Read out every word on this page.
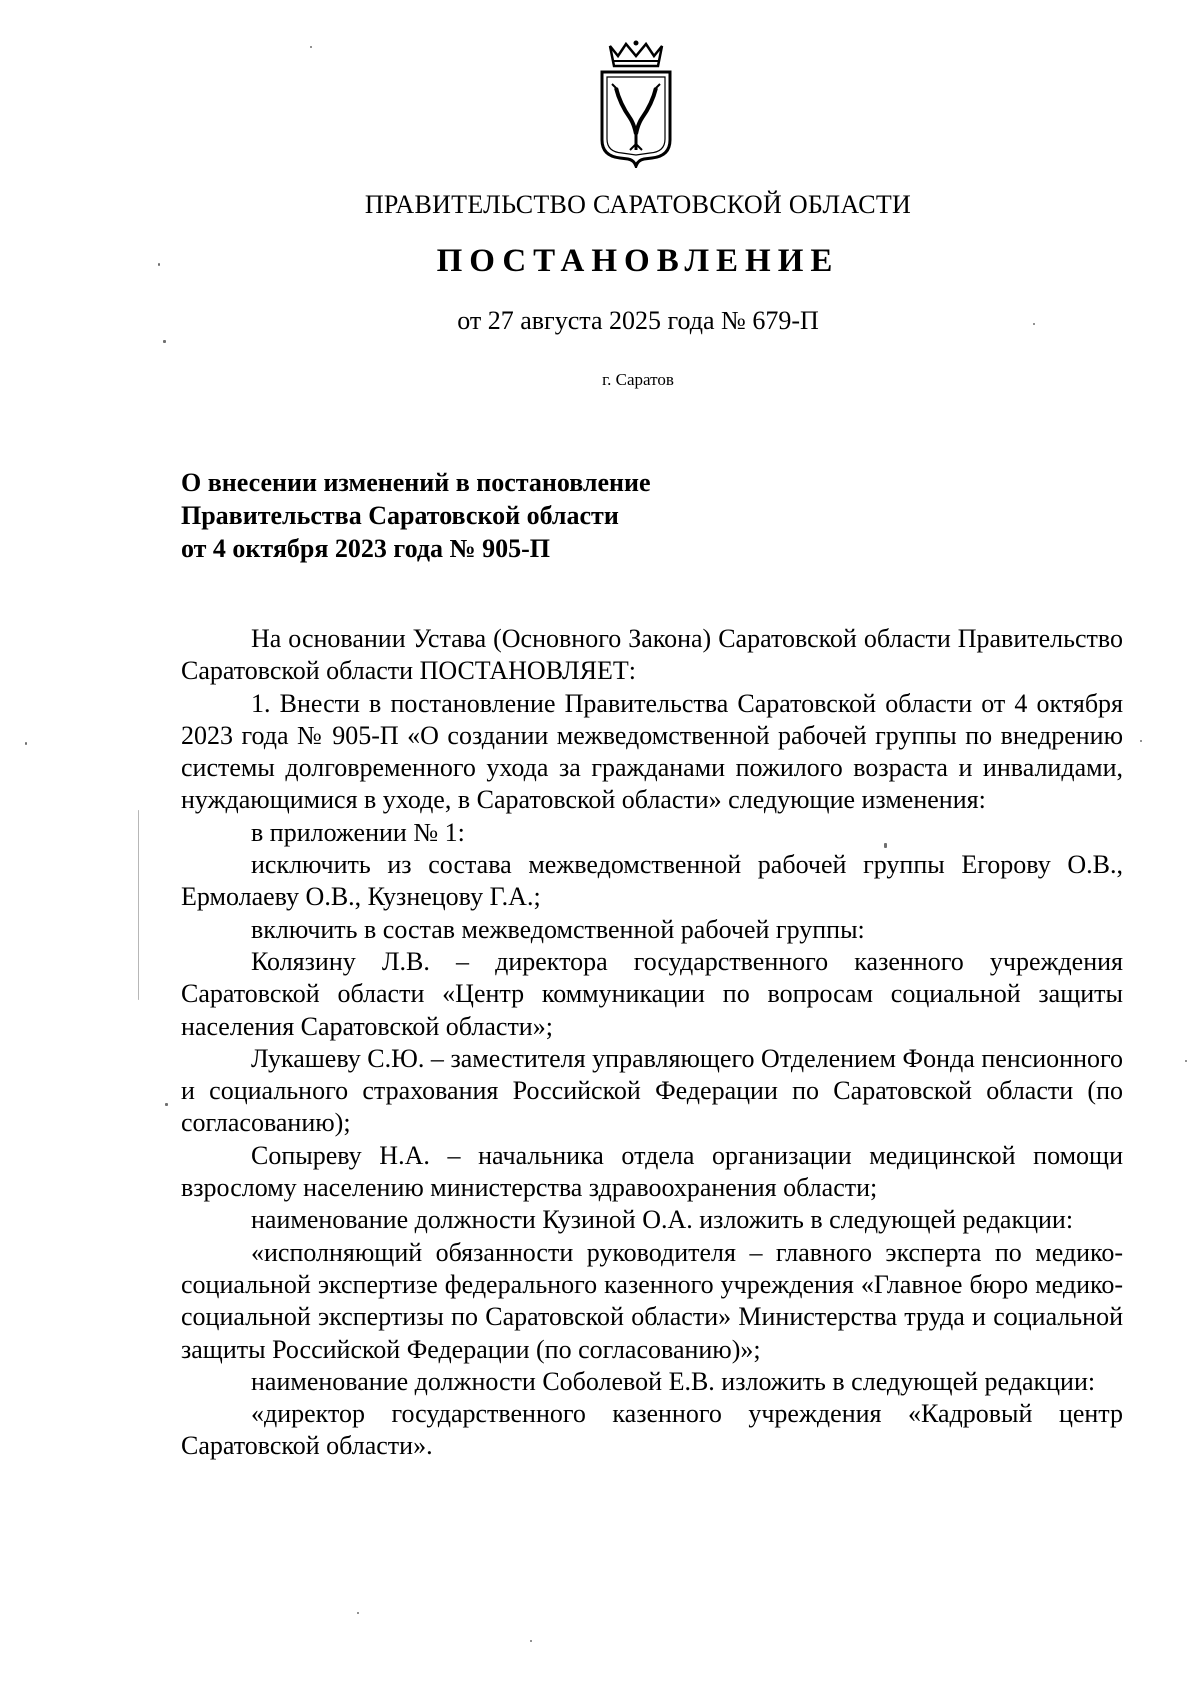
ПРАВИТЕЛЬСТВО САРАТОВСКОЙ ОБЛАСТИ
ПОСТАНОВЛЕНИЕ
от 27 августа 2025 года № 679-П
г. Саратов
О внесении изменений в постановление
Правительства Саратовской области
от 4 октября 2023 года № 905-П

На основании Устава (Основного Закона) Саратовской области Правительство Саратовской области ПОСТАНОВЛЯЕТ:

1. Внести в постановление Правительства Саратовской области от 4 октября 2023 года № 905-П «О создании межведомственной рабочей группы по внедрению системы долговременного ухода за гражданами пожилого возраста и инвалидами, нуждающимися в уходе, в Саратовской области» следующие изменения:

в приложении № 1:

исключить из состава межведомственной рабочей группы Егорову О.В., Ермолаеву О.В., Кузнецову Г.А.;

включить в состав межведомственной рабочей группы:

Колязину Л.В. – директора государственного казенного учреждения Саратовской области «Центр коммуникации по вопросам социальной защиты населения Саратовской области»;

Лукашеву С.Ю. – заместителя управляющего Отделением Фонда пенсионного и социального страхования Российской Федерации по Саратовской области (по согласованию);

Сопыреву Н.А. – начальника отдела организации медицинской помощи взрослому населению министерства здравоохранения области;

наименование должности Кузиной О.А. изложить в следующей редакции:

«исполняющий обязанности руководителя – главного эксперта по медико-социальной экспертизе федерального казенного учреждения «Главное бюро медико-социальной экспертизы по Саратовской области» Министерства труда и социальной защиты Российской Федерации (по согласованию)»;

наименование должности Соболевой Е.В. изложить в следующей редакции:

«директор государственного казенного учреждения «Кадровый центр Саратовской области».
